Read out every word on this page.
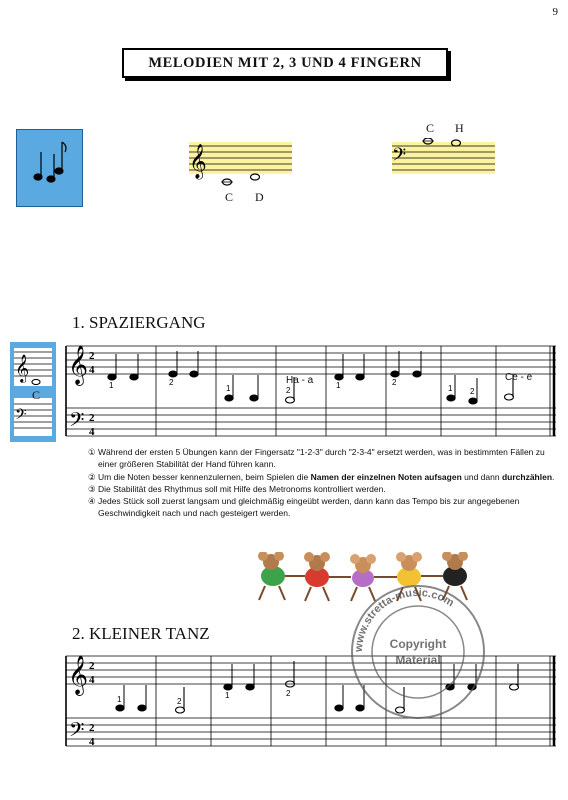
9
MELODIEN MIT 2, 3 UND 4 FINGERN
𝄞
C D
𝄢
C H
1. SPAZIERGANG
𝄞
𝄢
C
𝄞
𝄢
2
4
2
4
1	2
1	2
1	2
1 2
Ha - a	Ce - e

① Während der ersten 5 Übungen kann der Fingersatz "1-2-3" durch "2-3-4" ersetzt werden, was in bestimmten Fällen zu einer größeren Stabilität der Hand führen kann.

② Um die Noten besser kennenzulernen, beim Spielen die Namen der einzelnen Noten aufsagen und dann durchzählen.

③ Die Stabilität des Rhythmus soll mit Hilfe des Metronoms kontrolliert werden.

④ Jedes Stück soll zuerst langsam und gleichmäßig eingeübt werden, dann kann das Tempo bis zur angegebenen Geschwindigkeit nach und nach gesteigert werden.

2. KLEINER TANZ
𝄞
𝄢
2
4
2
4
1	2
1	2
www.stretta-music.com
Copyright
Material
